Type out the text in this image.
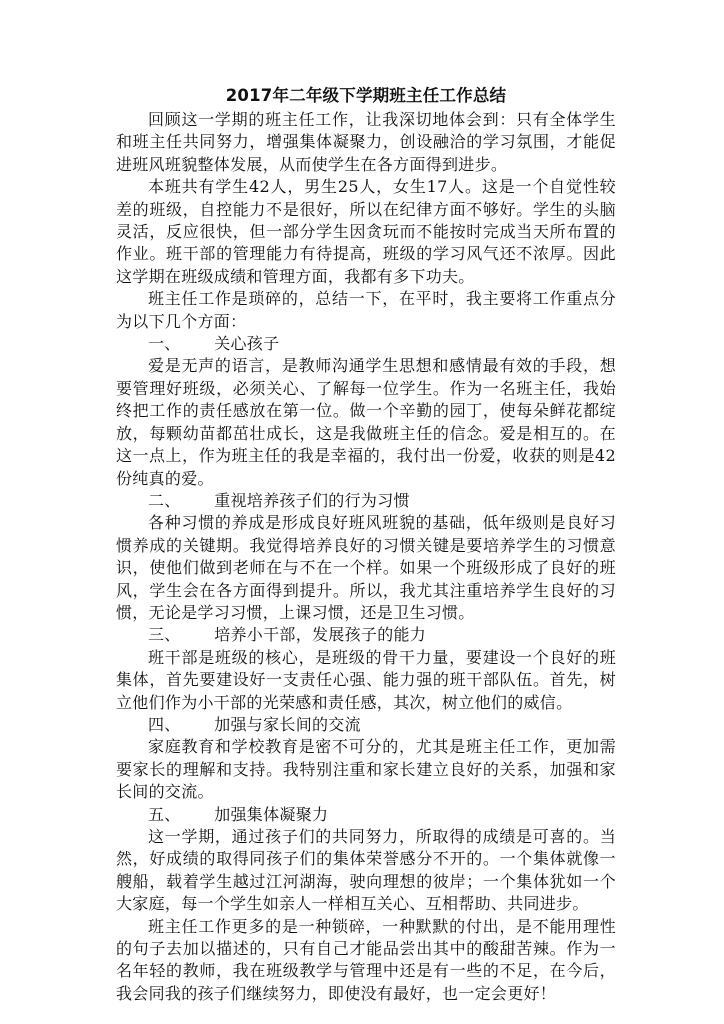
2017年二年级下学期班主任工作总结

回顾这一学期的班主任工作，让我深切地体会到：只有全体学生和班主任共同努力，增强集体凝聚力，创设融洽的学习氛围，才能促进班风班貌整体发展，从而使学生在各方面得到进步。

本班共有学生42人，男生25人，女生17人。这是一个自觉性较差的班级，自控能力不是很好，所以在纪律方面不够好。学生的头脑灵活，反应很快，但一部分学生因贪玩而不能按时完成当天所布置的作业。班干部的管理能力有待提高，班级的学习风气还不浓厚。因此这学期在班级成绩和管理方面，我都有多下功夫。

班主任工作是琐碎的，总结一下，在平时，我主要将工作重点分为以下几个方面：

一、 关心孩子

爱是无声的语言，是教师沟通学生思想和感情最有效的手段，想要管理好班级，必须关心、了解每一位学生。作为一名班主任，我始终把工作的责任感放在第一位。做一个辛勤的园丁，使每朵鲜花都绽放，每颗幼苗都茁壮成长，这是我做班主任的信念。爱是相互的。在这一点上，作为班主任的我是幸福的，我付出一份爱，收获的则是42份纯真的爱。

二、 重视培养孩子们的行为习惯

各种习惯的养成是形成良好班风班貌的基础，低年级则是良好习惯养成的关键期。我觉得培养良好的习惯关键是要培养学生的习惯意识，使他们做到老师在与不在一个样。如果一个班级形成了良好的班风，学生会在各方面得到提升。所以，我尤其注重培养学生良好的习惯，无论是学习习惯，上课习惯，还是卫生习惯。

三、 培养小干部，发展孩子的能力

班干部是班级的核心，是班级的骨干力量，要建设一个良好的班集体，首先要建设好一支责任心强、能力强的班干部队伍。首先，树立他们作为小干部的光荣感和责任感，其次，树立他们的威信。

四、 加强与家长间的交流

家庭教育和学校教育是密不可分的，尤其是班主任工作，更加需要家长的理解和支持。我特别注重和家长建立良好的关系，加强和家长间的交流。

五、 加强集体凝聚力

这一学期，通过孩子们的共同努力，所取得的成绩是可喜的。当然，好成绩的取得同孩子们的集体荣誉感分不开的。一个集体就像一艘船，载着学生越过江河湖海，驶向理想的彼岸；一个集体犹如一个大家庭，每一个学生如亲人一样相互关心、互相帮助、共同进步。

班主任工作更多的是一种锁碎，一种默默的付出，是不能用理性的句子去加以描述的，只有自己才能品尝出其中的酸甜苦辣。作为一名年轻的教师，我在班级教学与管理中还是有一些的不足，在今后，我会同我的孩子们继续努力，即使没有最好，也一定会更好！
